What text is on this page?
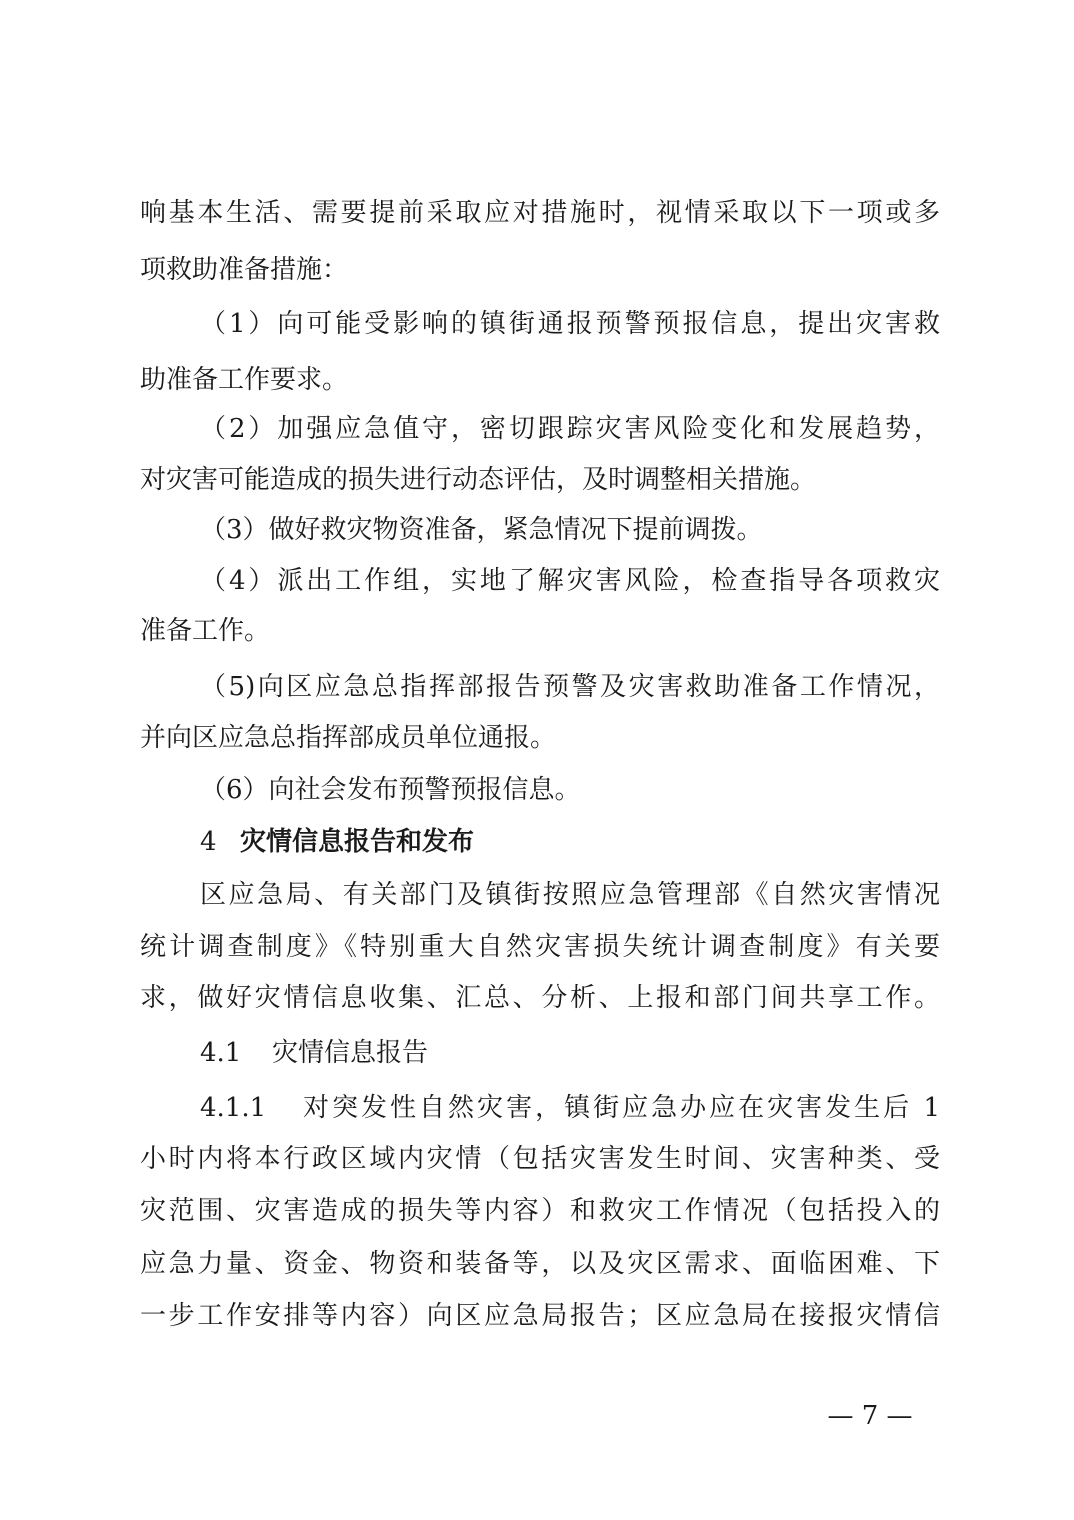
响基本生活、需要提前采取应对措施时，视情采取以下一项或多
项救助准备措施：
（1）向可能受影响的镇街通报预警预报信息，提出灾害救
助准备工作要求。
（2）加强应急值守，密切跟踪灾害风险变化和发展趋势，
对灾害可能造成的损失进行动态评估，及时调整相关措施。
（3）做好救灾物资准备，紧急情况下提前调拨。
（4）派出工作组，实地了解灾害风险，检查指导各项救灾
准备工作。
（5)向区应急总指挥部报告预警及灾害救助准备工作情况，
并向区应急总指挥部成员单位通报。
（6）向社会发布预警预报信息。
4 灾情信息报告和发布
区应急局、有关部门及镇街按照应急管理部《自然灾害情况
统计调查制度》《特别重大自然灾害损失统计调查制度》有关要
求，做好灾情信息收集、汇总、分析、上报和部门间共享工作。
4.1 灾情信息报告
4.1.1 对突发性自然灾害，镇街应急办应在灾害发生后 1
小时内将本行政区域内灾情（包括灾害发生时间、灾害种类、受
灾范围、灾害造成的损失等内容）和救灾工作情况（包括投入的
应急力量、资金、物资和装备等，以及灾区需求、面临困难、下
一步工作安排等内容）向区应急局报告；区应急局在接报灾情信
— 7 —
